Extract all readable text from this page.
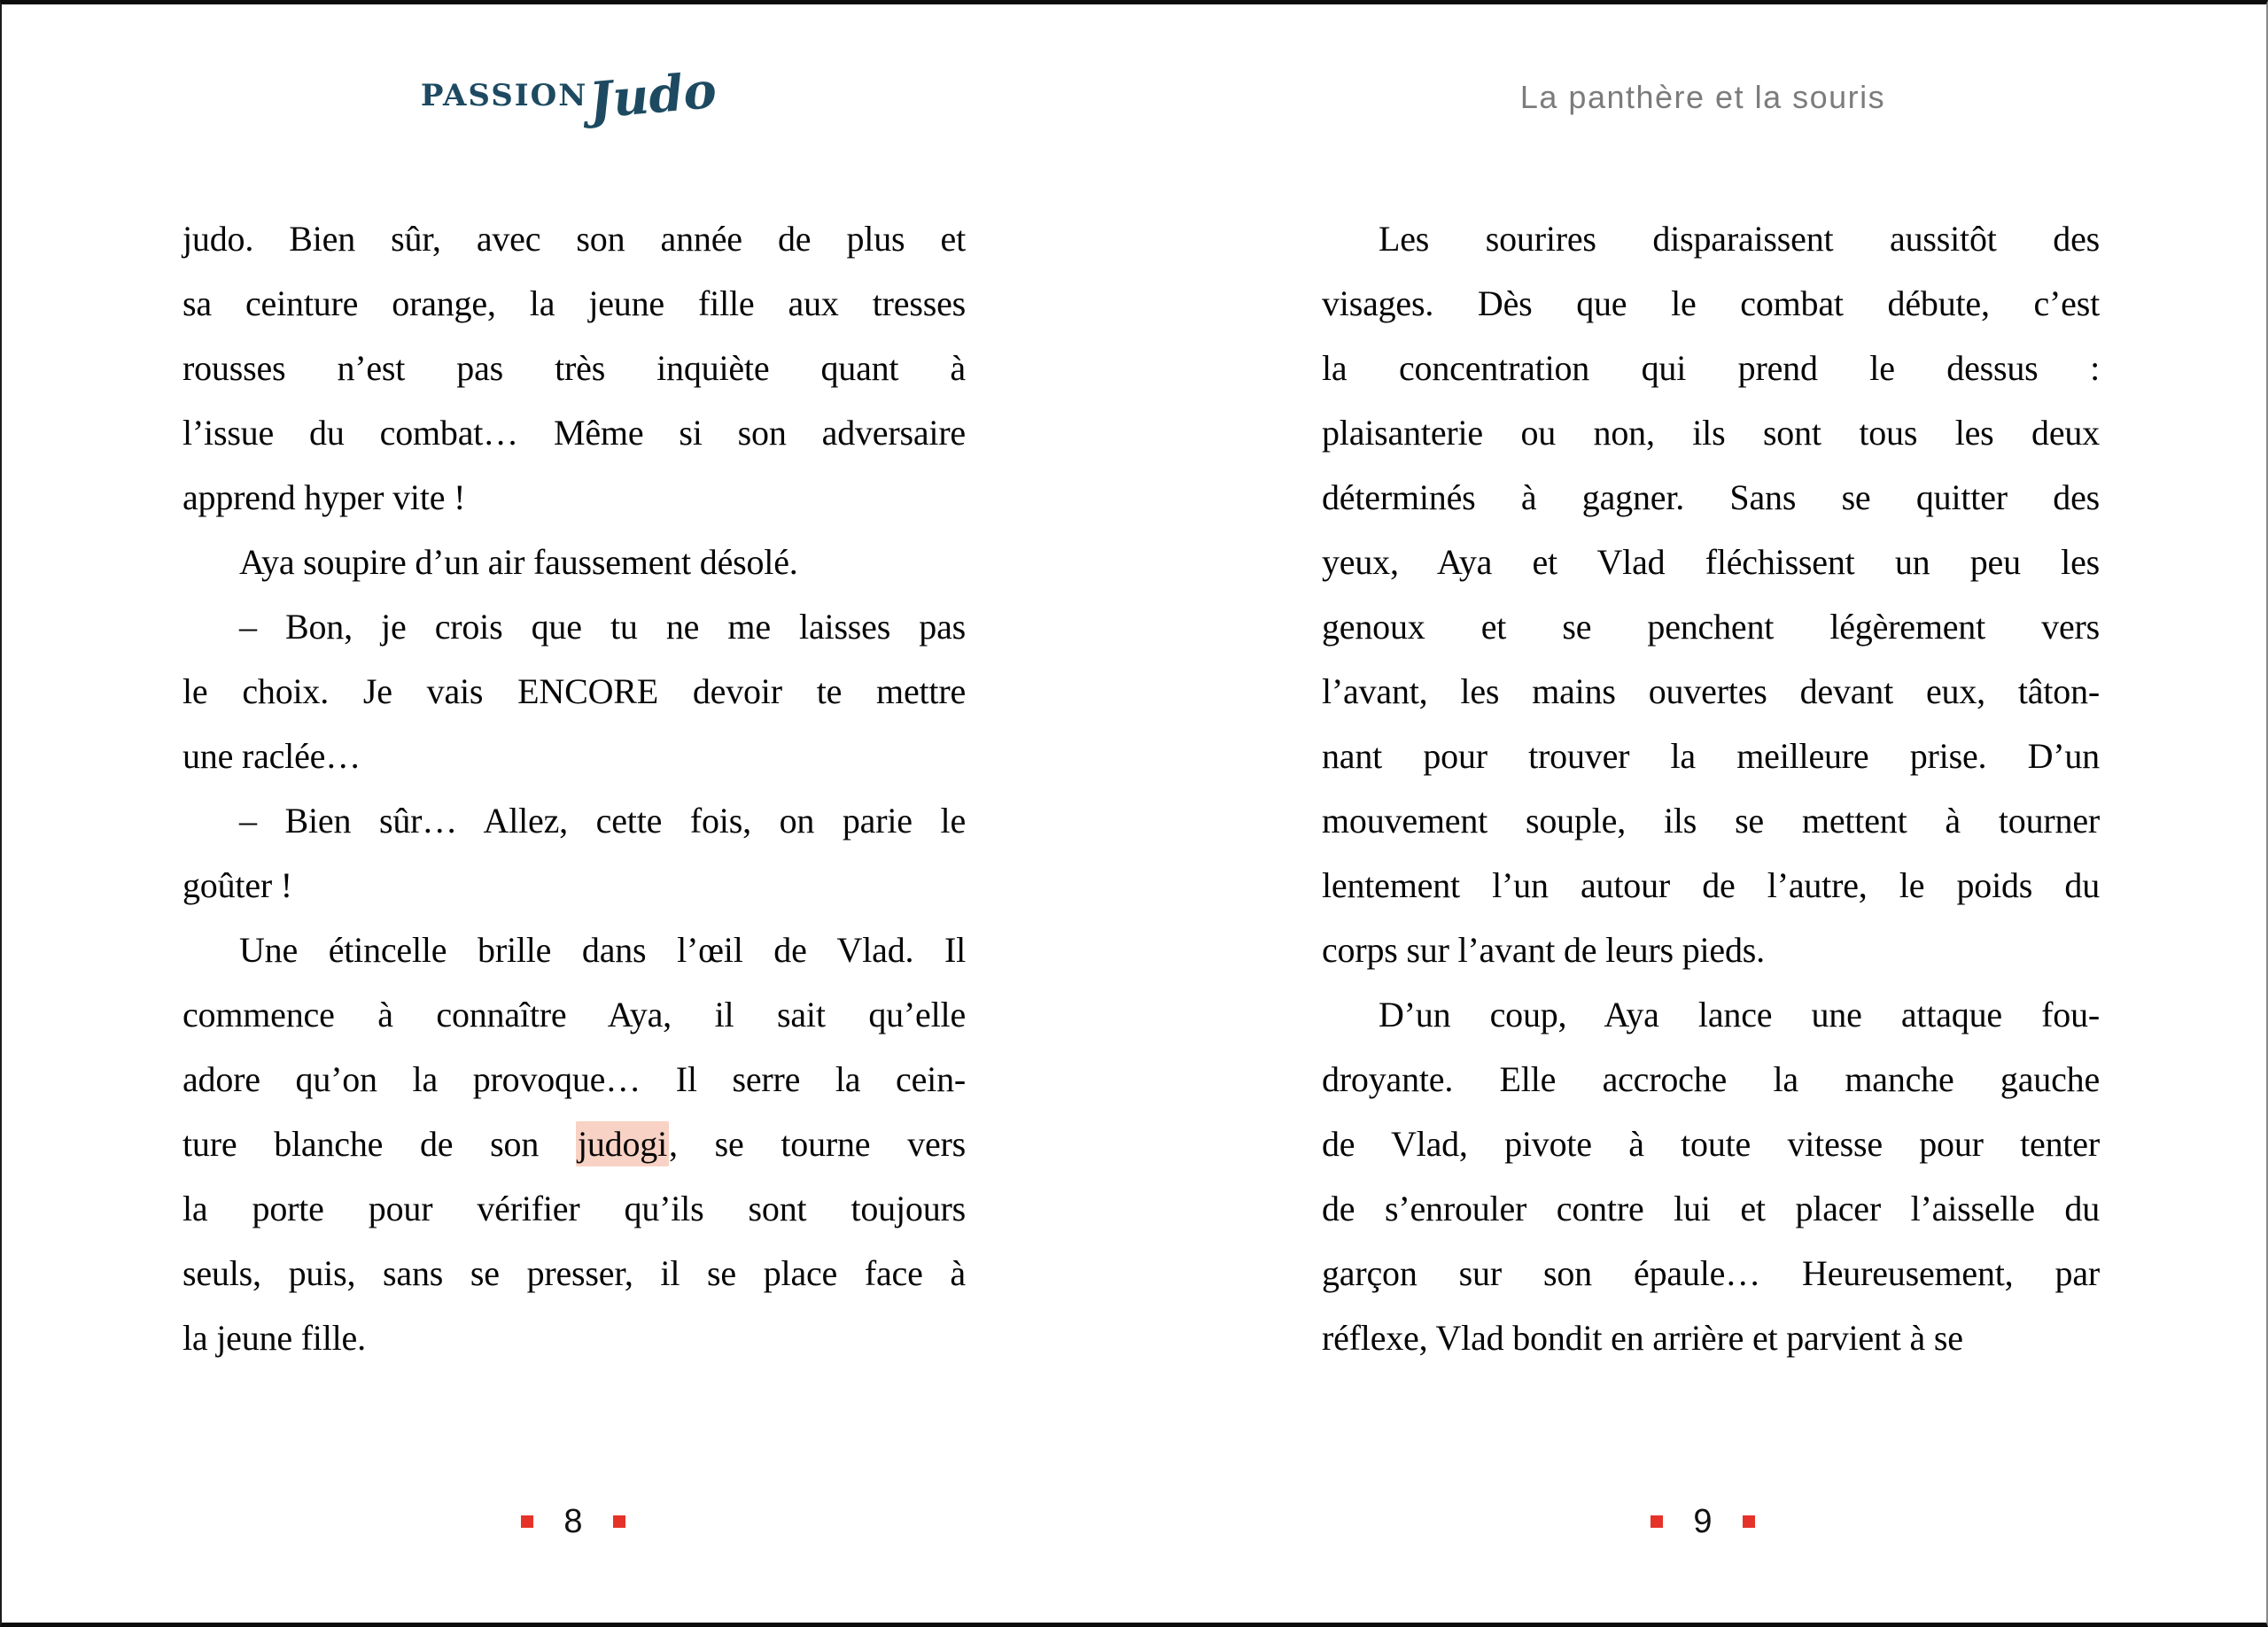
PASSIONJudo	La panthère et la souris
judo. Bien sûr, avec son année de plus et
sa ceinture orange, la jeune fille aux tresses
rousses n’est pas très inquiète quant à
l’issue du combat… Même si son adversaire
apprend hyper vite !
Aya soupire d’un air faussement désolé.
– Bon, je crois que tu ne me laisses pas
le choix. Je vais ENCORE devoir te mettre
une raclée…
– Bien sûr… Allez, cette fois, on parie le
goûter !
Une étincelle brille dans l’œil de Vlad. Il
commence à connaître Aya, il sait qu’elle
adore qu’on la provoque… Il serre la cein-
ture blanche de son judogi, se tourne vers
la porte pour vérifier qu’ils sont toujours
seuls, puis, sans se presser, il se place face à
la jeune fille.
Les sourires disparaissent aussitôt des
visages. Dès que le combat débute, c’est
la concentration qui prend le dessus :
plaisanterie ou non, ils sont tous les deux
déterminés à gagner. Sans se quitter des
yeux, Aya et Vlad fléchissent un peu les
genoux et se penchent légèrement vers
l’avant, les mains ouvertes devant eux, tâton-
nant pour trouver la meilleure prise. D’un
mouvement souple, ils se mettent à tourner
lentement l’un autour de l’autre, le poids du
corps sur l’avant de leurs pieds.
D’un coup, Aya lance une attaque fou-
droyante. Elle accroche la manche gauche
de Vlad, pivote à toute vitesse pour tenter
de s’enrouler contre lui et placer l’aisselle du
garçon sur son épaule… Heureusement, par
réflexe, Vlad bondit en arrière et parvient à se
8	9
